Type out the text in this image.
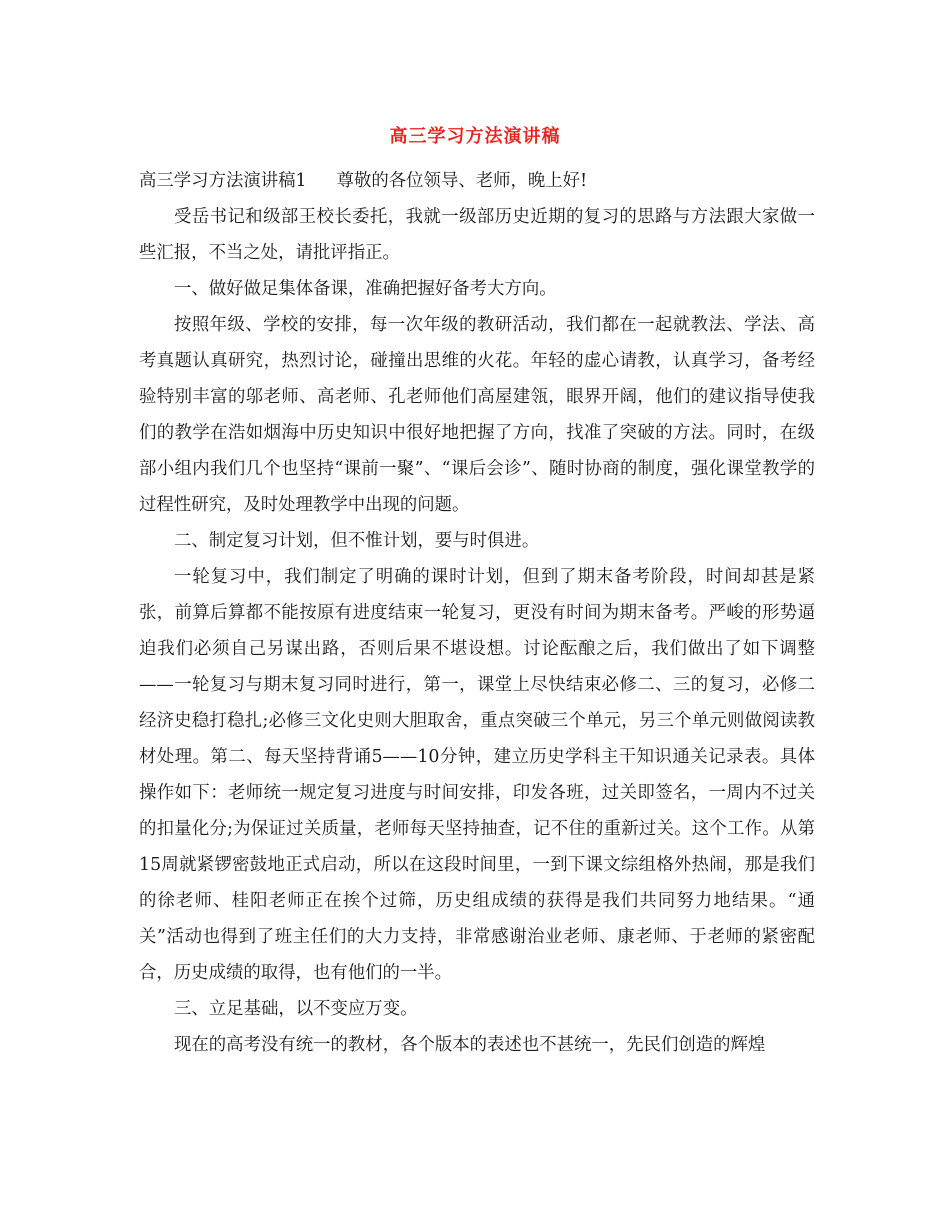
高三学习方法演讲稿

高三学习方法演讲稿1 尊敬的各位领导、老师，晚上好!

受岳书记和级部王校长委托，我就一级部历史近期的复习的思路与方法跟大家做一些汇报，不当之处，请批评指正。

一、做好做足集体备课，准确把握好备考大方向。

按照年级、学校的安排，每一次年级的教研活动，我们都在一起就教法、学法、高考真题认真研究，热烈讨论，碰撞出思维的火花。年轻的虚心请教，认真学习，备考经验特别丰富的邬老师、高老师、孔老师他们高屋建瓴，眼界开阔，他们的建议指导使我们的教学在浩如烟海中历史知识中很好地把握了方向，找准了突破的方法。同时，在级部小组内我们几个也坚持“课前一聚”、“课后会诊”、随时协商的制度，强化课堂教学的过程性研究，及时处理教学中出现的问题。

二、制定复习计划，但不惟计划，要与时俱进。

一轮复习中，我们制定了明确的课时计划，但到了期末备考阶段，时间却甚是紧张，前算后算都不能按原有进度结束一轮复习，更没有时间为期末备考。严峻的形势逼迫我们必须自己另谋出路，否则后果不堪设想。讨论酝酿之后，我们做出了如下调整——一轮复习与期末复习同时进行，第一，课堂上尽快结束必修二、三的复习，必修二经济史稳打稳扎;必修三文化史则大胆取舍，重点突破三个单元，另三个单元则做阅读教材处理。第二、每天坚持背诵5——10分钟，建立历史学科主干知识通关记录表。具体操作如下：老师统一规定复习进度与时间安排，印发各班，过关即签名，一周内不过关的扣量化分;为保证过关质量，老师每天坚持抽查，记不住的重新过关。这个工作。从第15周就紧锣密鼓地正式启动，所以在这段时间里，一到下课文综组格外热闹，那是我们的徐老师、桂阳老师正在挨个过筛，历史组成绩的获得是我们共同努力地结果。“通关”活动也得到了班主任们的大力支持，非常感谢治业老师、康老师、于老师的紧密配合，历史成绩的取得，也有他们的一半。

三、立足基础，以不变应万变。

现在的高考没有统一的教材，各个版本的表述也不甚统一，先民们创造的辉煌
